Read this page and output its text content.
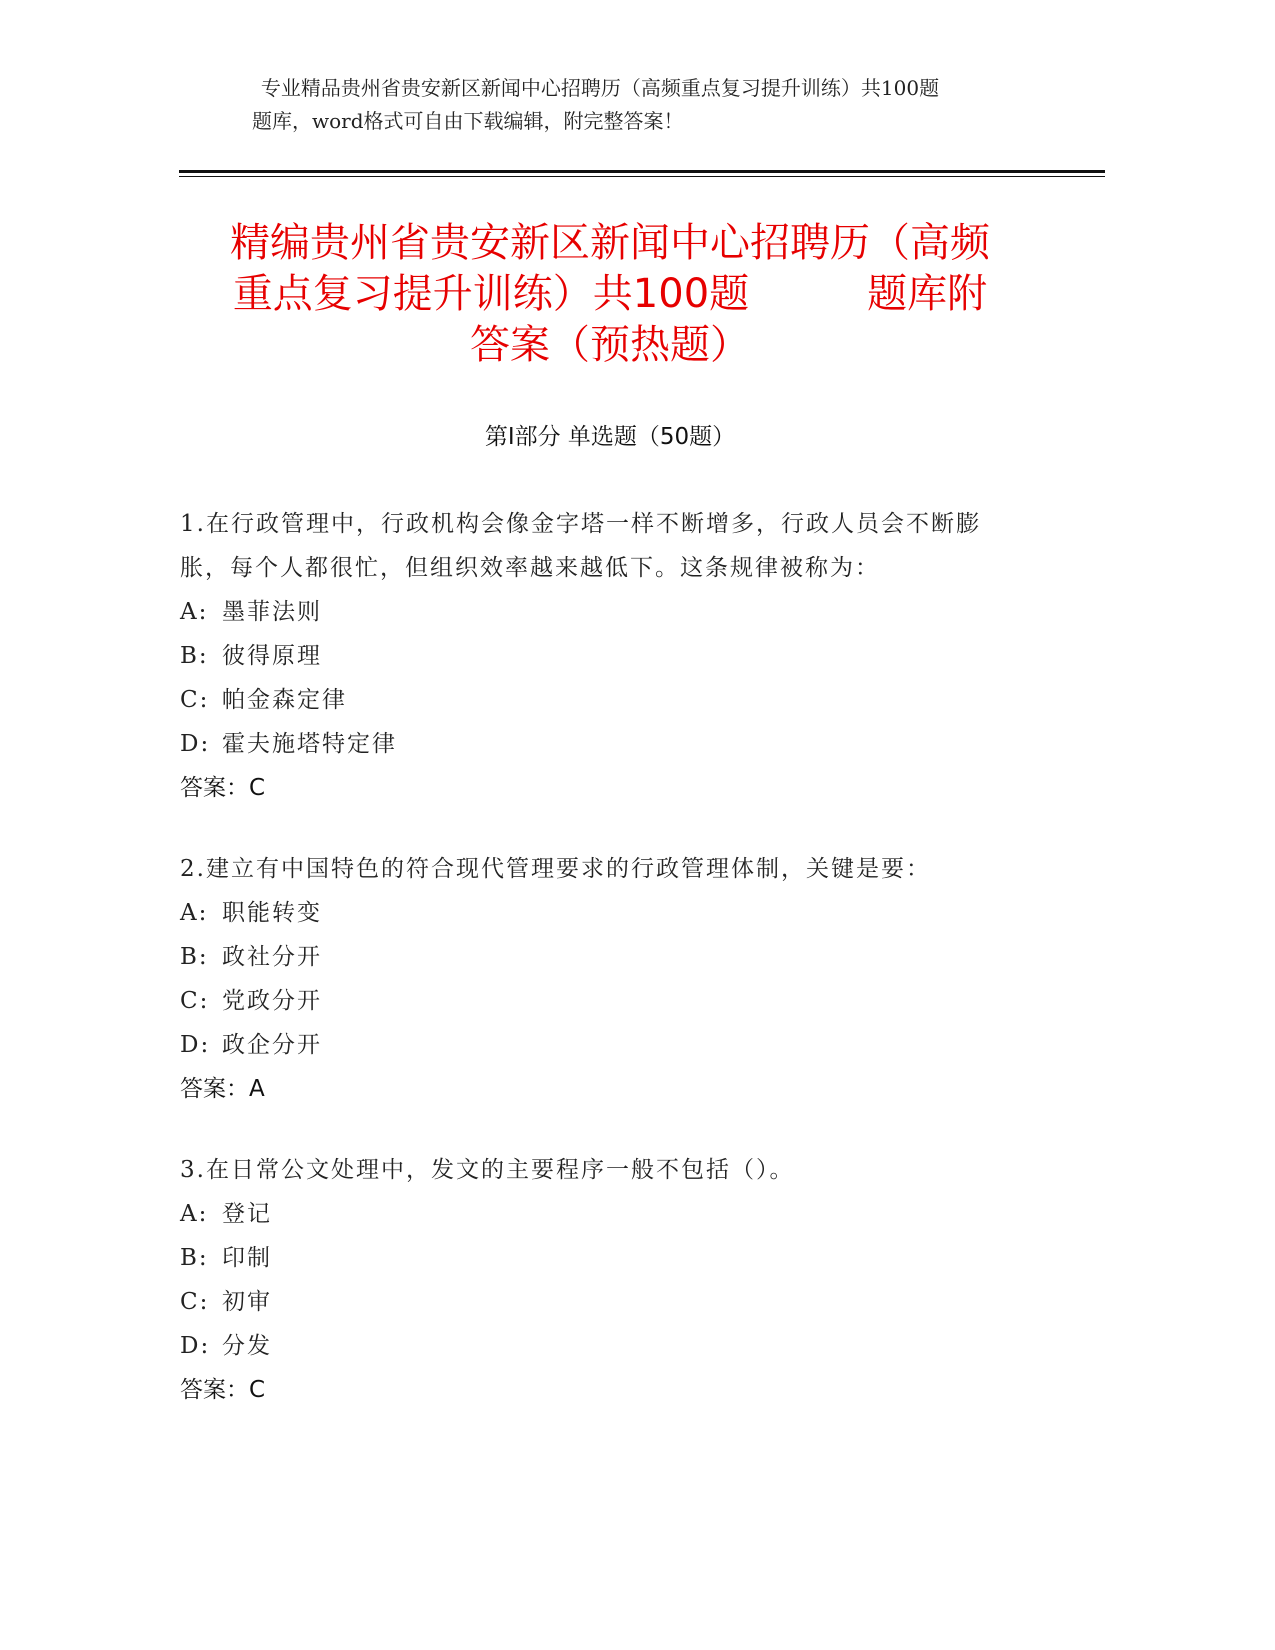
专业精品贵州省贵安新区新闻中心招聘历（高频重点复习提升训练）共100题
题库，word格式可自由下载编辑，附完整答案！
精编贵州省贵安新区新闻中心招聘历（高频
重点复习提升训练）共100题	题库附
答案（预热题）
第Ⅰ部分 单选题（50题）
1.在行政管理中，行政机构会像金字塔一样不断增多，行政人员会不断膨胀，每个人都很忙，但组织效率越来越低下。这条规律被称为：
A: 墨菲法则
B: 彼得原理
C: 帕金森定律
D: 霍夫施塔特定律
答案：C
2.建立有中国特色的符合现代管理要求的行政管理体制，关键是要：
A: 职能转变
B: 政社分开
C: 党政分开
D: 政企分开
答案：A
3.在日常公文处理中，发文的主要程序一般不包括（）。
A: 登记
B: 印制
C: 初审
D: 分发
答案：C
